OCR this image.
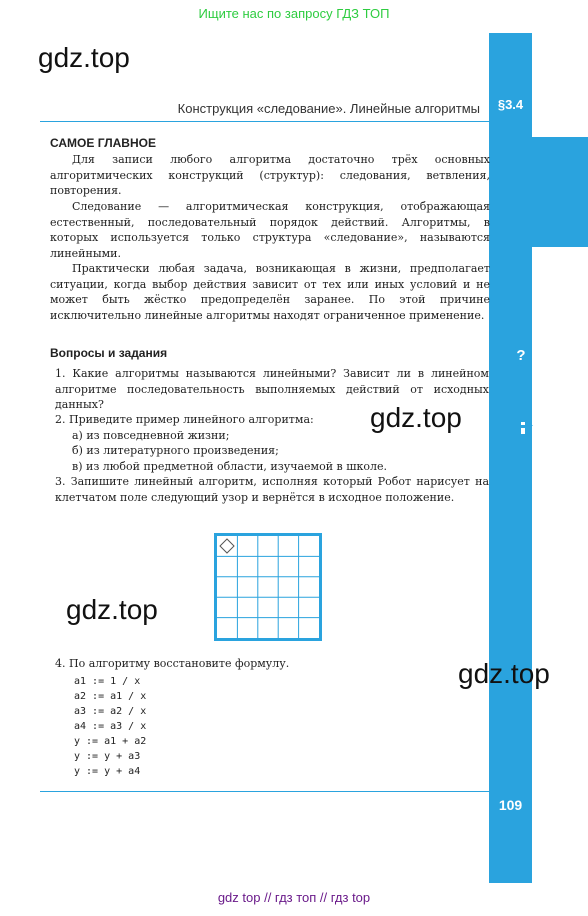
Ищите нас по запросу ГДЗ ТОП
§3.4
gdz.top
Конструкция «следование». Линейные алгоритмы
САМОЕ ГЛАВНОЕ
Для записи любого алгоритма достаточно трёх основных алгоритмических конструкций (структур): следования, ветвления, повторения.
Следование — алгоритмическая конструкция, отображающая естественный, последовательный порядок действий. Алгоритмы, в которых используется только структура «следование», называются линейными.
Практически любая задача, возникающая в жизни, предполагает ситуации, когда выбор действия зависит от тех или иных условий и не может быть жёстко предопределён заранее. По этой причине исключительно линейные алгоритмы находят ограниченное применение.
Вопросы и задания	?
1. Какие алгоритмы называются линейными? Зависит ли в линейном алгоритме последовательность выполняемых действий от исходных данных?
2. Приведите пример линейного алгоритма:
а) из повседневной жизни;
б) из литературного произведения;
в) из любой предметной области, изучаемой в школе.
3. Запишите линейный алгоритм, исполняя который Робот нарисует на клетчатом поле следующий узор и вернётся в исходное положение.
gdz.top
gdz.top
4. По алгоритму восстановите формулу.	gdz.top
a1 := 1 / x
a2 := a1 / x
a3 := a2 / x
a4 := a3 / x
y := a1 + a2
y := y + a3
y := y + a4
109
gdz top // гдз топ // гдз top
